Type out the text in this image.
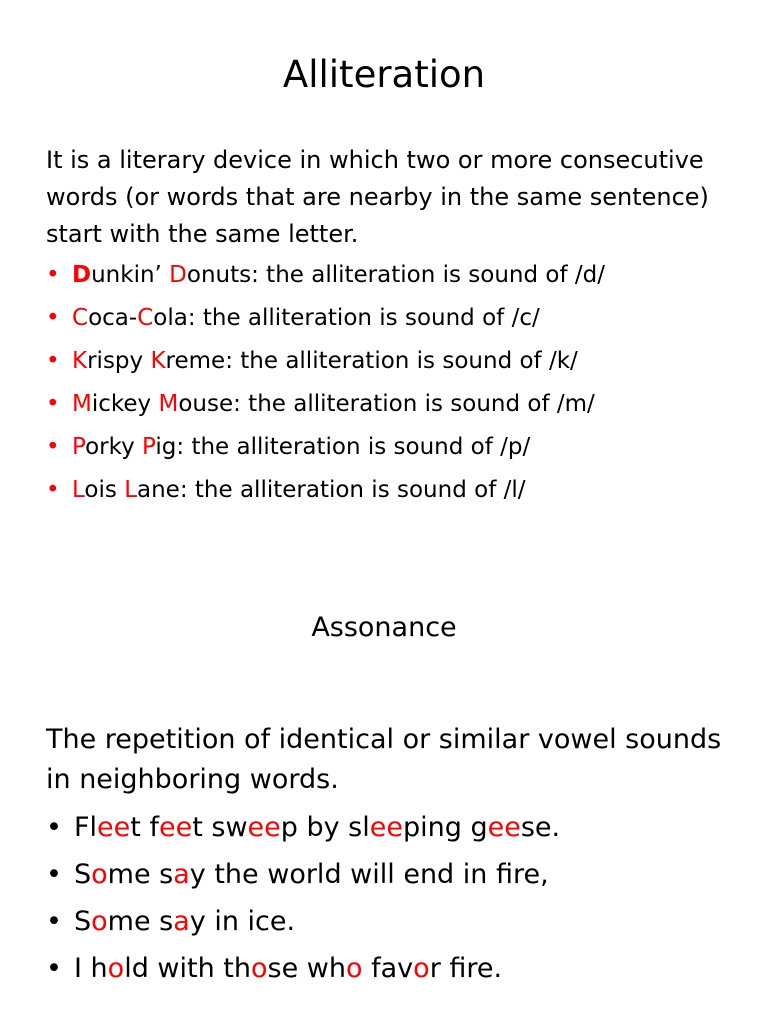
Alliteration

It is a literary device in which two or more consecutive words (or words that are nearby in the same sentence) start with the same letter.

• Dunkin’ Donuts: the alliteration is sound of /d/
• Coca-Cola: the alliteration is sound of /c/
• Krispy Kreme: the alliteration is sound of /k/
• Mickey Mouse: the alliteration is sound of /m/
• Porky Pig: the alliteration is sound of /p/
• Lois Lane: the alliteration is sound of /l/
Assonance

The repetition of identical or similar vowel sounds in neighboring words.

• Fleet feet sweep by sleeping geese.
• Some say the world will end in fire,
• Some say in ice.
• I hold with those who favor fire.
